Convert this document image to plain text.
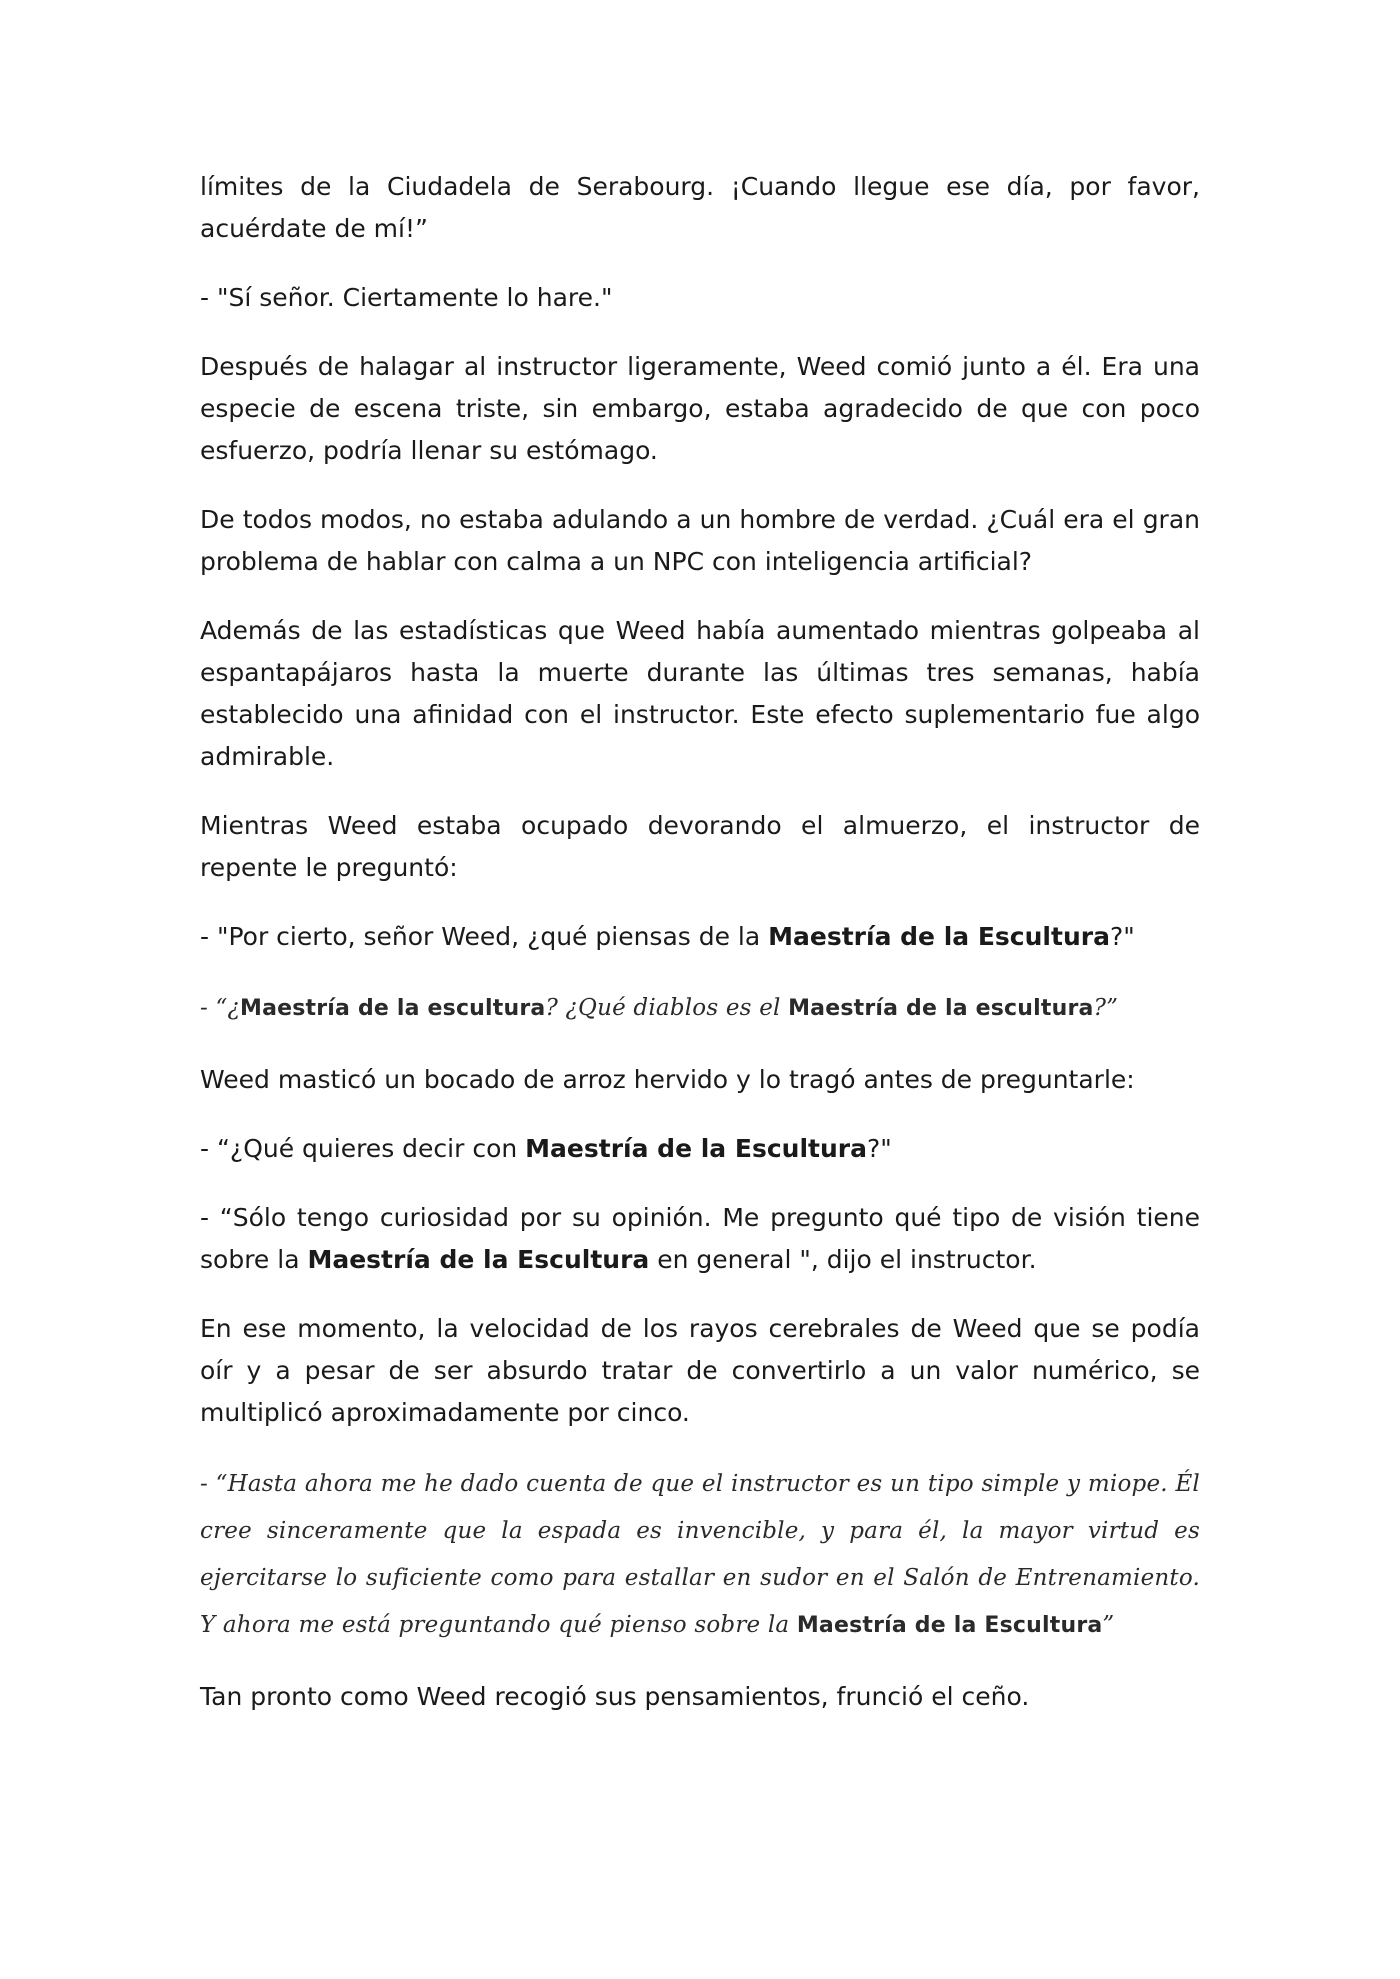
límites de la Ciudadela de Serabourg. ¡Cuando llegue ese día, por favor, acuérdate de mí!”

- "Sí señor. Ciertamente lo hare."

Después de halagar al instructor ligeramente, Weed comió junto a él. Era una especie de escena triste, sin embargo, estaba agradecido de que con poco esfuerzo, podría llenar su estómago.

De todos modos, no estaba adulando a un hombre de verdad. ¿Cuál era el gran problema de hablar con calma a un NPC con inteligencia artificial?

Además de las estadísticas que Weed había aumentado mientras golpeaba al espantapájaros hasta la muerte durante las últimas tres semanas, había establecido una afinidad con el instructor. Este efecto suplementario fue algo admirable.

Mientras Weed estaba ocupado devorando el almuerzo, el instructor de repente le preguntó:

- "Por cierto, señor Weed, ¿qué piensas de la Maestría de la Escultura?"

- “¿Maestría de la escultura? ¿Qué diablos es el Maestría de la escultura?”

Weed masticó un bocado de arroz hervido y lo tragó antes de preguntarle:

- “¿Qué quieres decir con Maestría de la Escultura?"

- “Sólo tengo curiosidad por su opinión. Me pregunto qué tipo de visión tiene sobre la Maestría de la Escultura en general ", dijo el instructor.

En ese momento, la velocidad de los rayos cerebrales de Weed que se podía oír y a pesar de ser absurdo tratar de convertirlo a un valor numérico, se multiplicó aproximadamente por cinco.

- “Hasta ahora me he dado cuenta de que el instructor es un tipo simple y miope. Él cree sinceramente que la espada es invencible, y para él, la mayor virtud es ejercitarse lo suficiente como para estallar en sudor en el Salón de Entrenamiento. Y ahora me está preguntando qué pienso sobre la Maestría de la Escultura”

Tan pronto como Weed recogió sus pensamientos, frunció el ceño.
